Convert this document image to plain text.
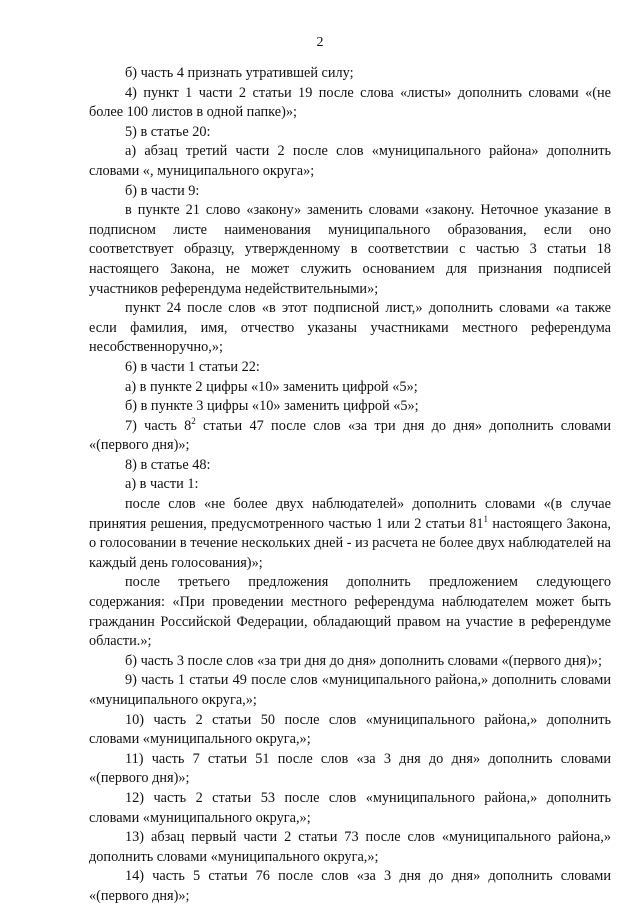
2

б) часть 4 признать утратившей силу;

4) пункт 1 части 2 статьи 19 после слова «листы» дополнить словами «(не более 100 листов в одной папке)»;

5) в статье 20:

а) абзац третий части 2 после слов «муниципального района» дополнить словами «, муниципального округа»;

б) в части 9:

в пункте 21 слово «закону» заменить словами «закону. Неточное указание в подписном листе наименования муниципального образования, если оно соответствует образцу, утвержденному в соответствии с частью 3 статьи 18 настоящего Закона, не может служить основанием для признания подписей участников референдума недействительными»;

пункт 24 после слов «в этот подписной лист,» дополнить словами «а также если фамилия, имя, отчество указаны участниками местного референдума несобственноручно,»;

6) в части 1 статьи 22:

а) в пункте 2 цифры «10» заменить цифрой «5»;

б) в пункте 3 цифры «10» заменить цифрой «5»;

7) часть $8^2$ статьи 47 после слов «за три дня до дня» дополнить словами «(первого дня)»;

8) в статье 48:

а) в части 1:

после слов «не более двух наблюдателей» дополнить словами «(в случае принятия решения, предусмотренного частью 1 или 2 статьи $81^1$ настоящего Закона, о голосовании в течение нескольких дней - из расчета не более двух наблюдателей на каждый день голосования)»;

после третьего предложения дополнить предложением следующего содержания: «При проведении местного референдума наблюдателем может быть гражданин Российской Федерации, обладающий правом на участие в референдуме области.»;

б) часть 3 после слов «за три дня до дня» дополнить словами «(первого дня)»;

9) часть 1 статьи 49 после слов «муниципального района,» дополнить словами «муниципального округа,»;

10) часть 2 статьи 50 после слов «муниципального района,» дополнить словами «муниципального округа,»;

11) часть 7 статьи 51 после слов «за 3 дня до дня» дополнить словами «(первого дня)»;

12) часть 2 статьи 53 после слов «муниципального района,» дополнить словами «муниципального округа,»;

13) абзац первый части 2 статьи 73 после слов «муниципального района,» дополнить словами «муниципального округа,»;

14) часть 5 статьи 76 после слов «за 3 дня до дня» дополнить словами «(первого дня)»;
